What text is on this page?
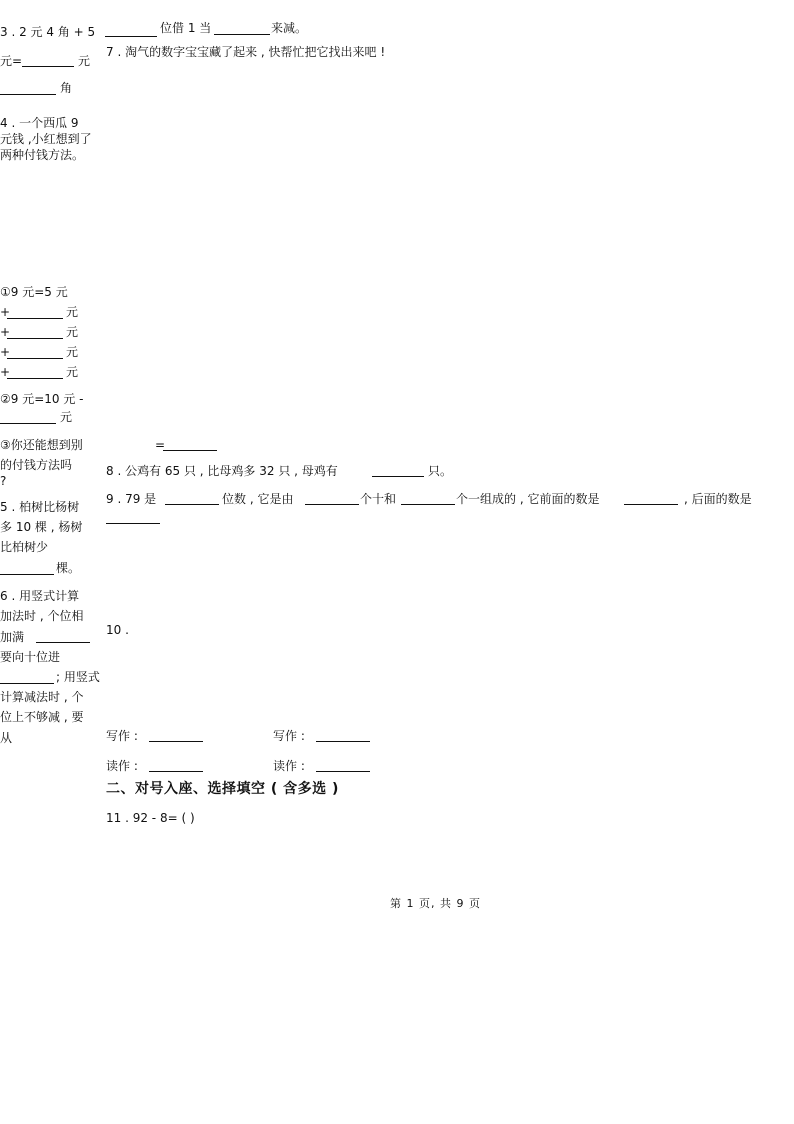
3 . 2 元 4 角 + 5	位借 1 当	来减。
元=	元
角
7 . 淘气的数字宝宝藏了起来 , 快帮忙把它找出来吧 !
4 . 一个西瓜 9
元钱 ,小红想到了
两种付钱方法。
①9 元=5 元
+	元
+	元
+	元
+	元
②9 元=10 元 -
元
③你还能想到别	=
的付钱方法吗
?
8 . 公鸡有 65 只 , 比母鸡多 32 只 , 母鸡有	只。
9 . 79 是	位数 , 它是由	个十和	个一组成的 , 它前面的数是	, 后面的数是
5 . 柏树比杨树
多 10 棵 , 杨树
比柏树少
棵。
6 . 用竖式计算
加法时 , 个位相
加满
要向十位进
; 用竖式
计算减法时 , 个
位上不够减 , 要
从
10 .
写作 :	写作 :
读作 :	读作 :
二、对号入座、选择填空 ( 含多选 )
11 . 92 - 8= ( )
第 1 页, 共 9 页
